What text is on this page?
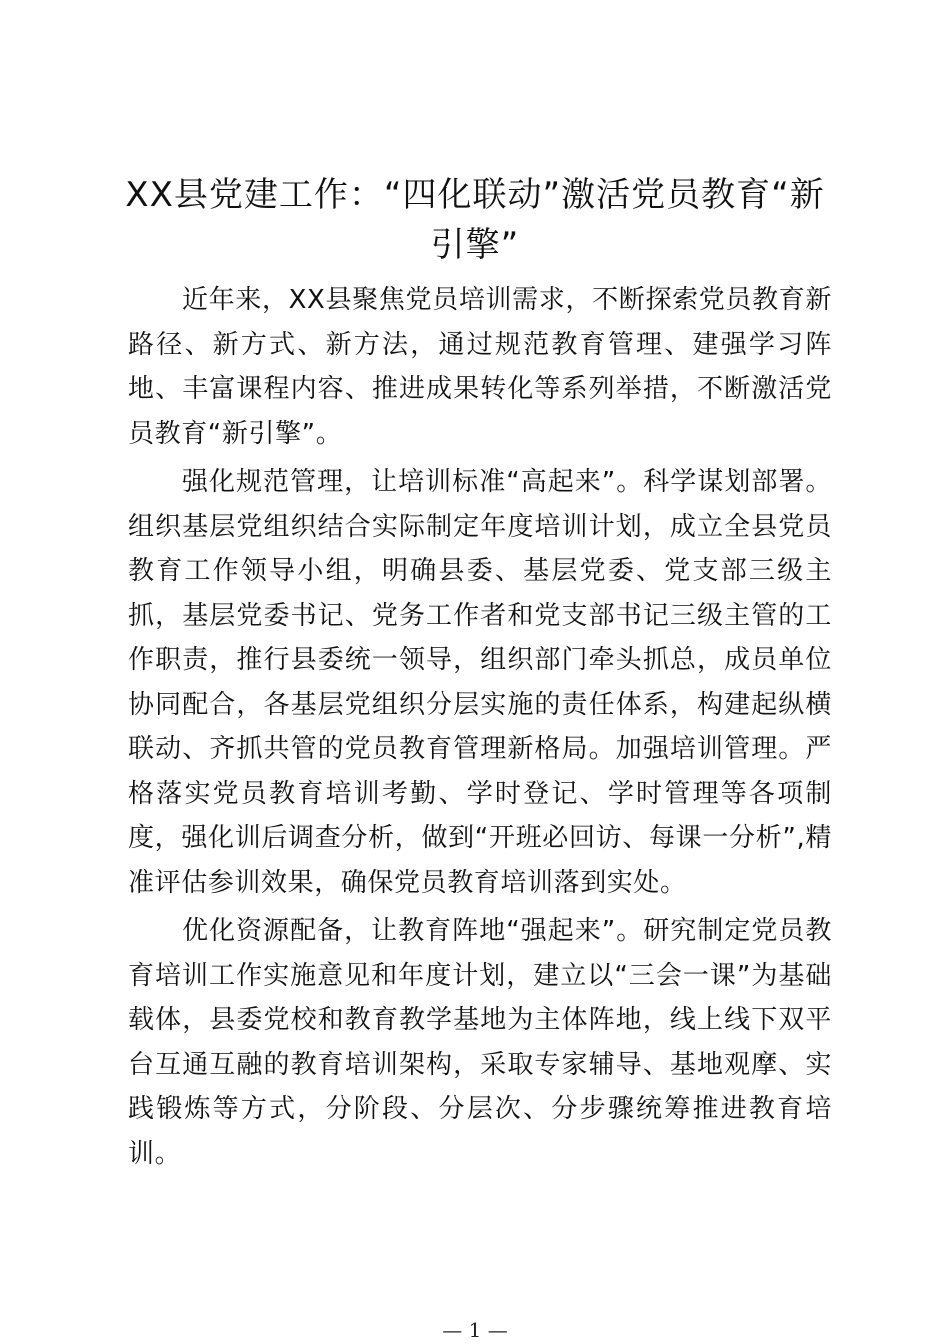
XX县党建工作：“四化联动”激活党员教育“新引擎”

近年来，XX县聚焦党员培训需求，不断探索党员教育新路径、新方式、新方法，通过规范教育管理、建强学习阵地、丰富课程内容、推进成果转化等系列举措，不断激活党员教育“新引擎”。

强化规范管理，让培训标准“高起来”。科学谋划部署。组织基层党组织结合实际制定年度培训计划，成立全县党员教育工作领导小组，明确县委、基层党委、党支部三级主抓，基层党委书记、党务工作者和党支部书记三级主管的工作职责，推行县委统一领导，组织部门牵头抓总，成员单位协同配合，各基层党组织分层实施的责任体系，构建起纵横联动、齐抓共管的党员教育管理新格局。加强培训管理。严格落实党员教育培训考勤、学时登记、学时管理等各项制度，强化训后调查分析，做到“开班必回访、每课一分析”,精准评估参训效果，确保党员教育培训落到实处。

优化资源配备，让教育阵地“强起来”。研究制定党员教育培训工作实施意见和年度计划，建立以“三会一课”为基础载体，县委党校和教育教学基地为主体阵地，线上线下双平台互通互融的教育培训架构，采取专家辅导、基地观摩、实践锻炼等方式，分阶段、分层次、分步骤统筹推进教育培训。

— 1 —
